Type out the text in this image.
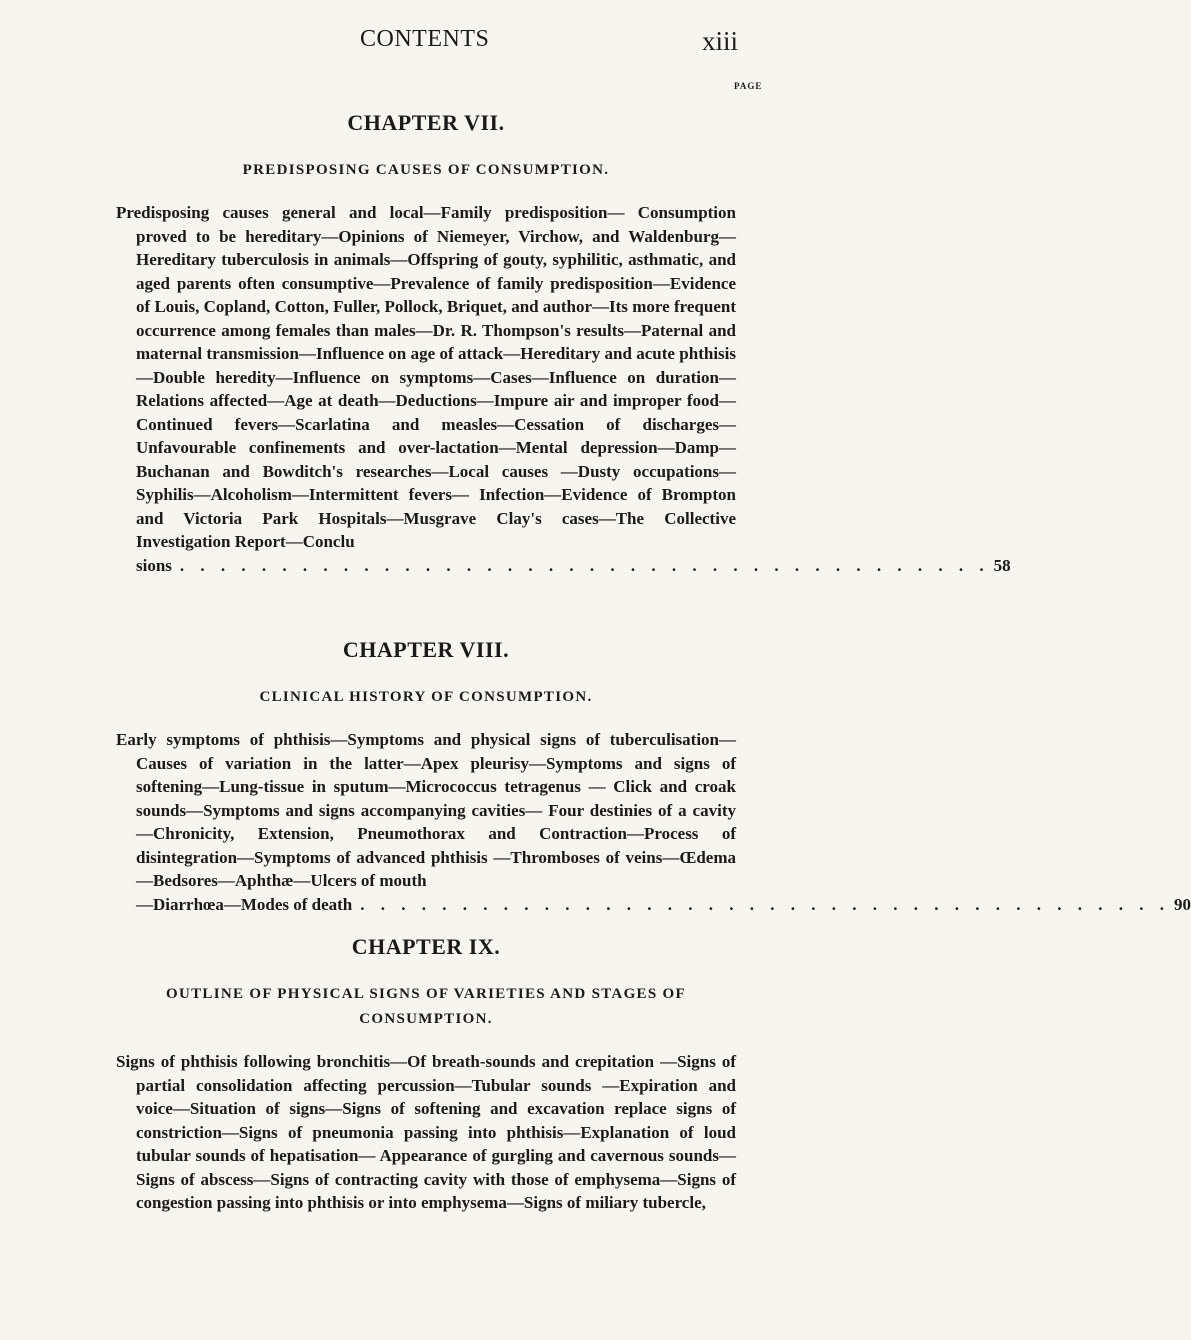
CONTENTS	xiii
PAGE
CHAPTER VII.
PREDISPOSING CAUSES OF CONSUMPTION.

Predisposing causes general and local—Family predisposition— Consumption proved to be hereditary—Opinions of Niemeyer, Virchow, and Waldenburg—Hereditary tuberculosis in animals—Offspring of gouty, syphilitic, asthmatic, and aged parents often consumptive—Prevalence of family predisposition—Evidence of Louis, Copland, Cotton, Fuller, Pollock, Briquet, and author—Its more frequent occurrence among females than males—Dr. R. Thompson's results—Paternal and maternal transmission—Influence on age of attack—Hereditary and acute phthisis —Double heredity—Influence on symptoms—Cases—Influence on duration—Relations affected—Age at death—Deductions—Impure air and improper food—Continued fevers—Scarlatina and measles—Cessation of discharges—Unfavourable confinements and over-lactation—Mental depression—Damp—Buchanan and Bowditch's researches—Local causes —Dusty occupations—Syphilis—Alcoholism—Intermittent fevers— Infection—Evidence of Brompton and Victoria Park Hospitals—Musgrave Clay's cases—The Collective Investigation Report—Conclu

sions . . . . . . . . . . . . . . . . . . . . . . . . . . . . . . . . . . . . . . . . 58
CHAPTER VIII.
CLINICAL HISTORY OF CONSUMPTION.

Early symptoms of phthisis—Symptoms and physical signs of tuberculisation—Causes of variation in the latter—Apex pleurisy—Symptoms and signs of softening—Lung-tissue in sputum—Micrococcus tetragenus — Click and croak sounds—Symptoms and signs accompanying cavities— Four destinies of a cavity—Chronicity, Extension, Pneumothorax and Contraction—Process of disintegration—Symptoms of advanced phthisis —Thromboses of veins—Œdema—Bedsores—Aphthæ—Ulcers of mouth

—Diarrhœa—Modes of death . . . . . . . . . . . . . . . . . . . . . . . . . . . . . . . . . . . . . . . . 90
CHAPTER IX.
OUTLINE OF PHYSICAL SIGNS OF VARIETIES AND STAGES OF CONSUMPTION.

Signs of phthisis following bronchitis—Of breath-sounds and crepitation —Signs of partial consolidation affecting percussion—Tubular sounds —Expiration and voice—Situation of signs—Signs of softening and excavation replace signs of constriction—Signs of pneumonia passing into phthisis—Explanation of loud tubular sounds of hepatisation— Appearance of gurgling and cavernous sounds—Signs of abscess—Signs of contracting cavity with those of emphysema—Signs of congestion passing into phthisis or into emphysema—Signs of miliary tubercle,
